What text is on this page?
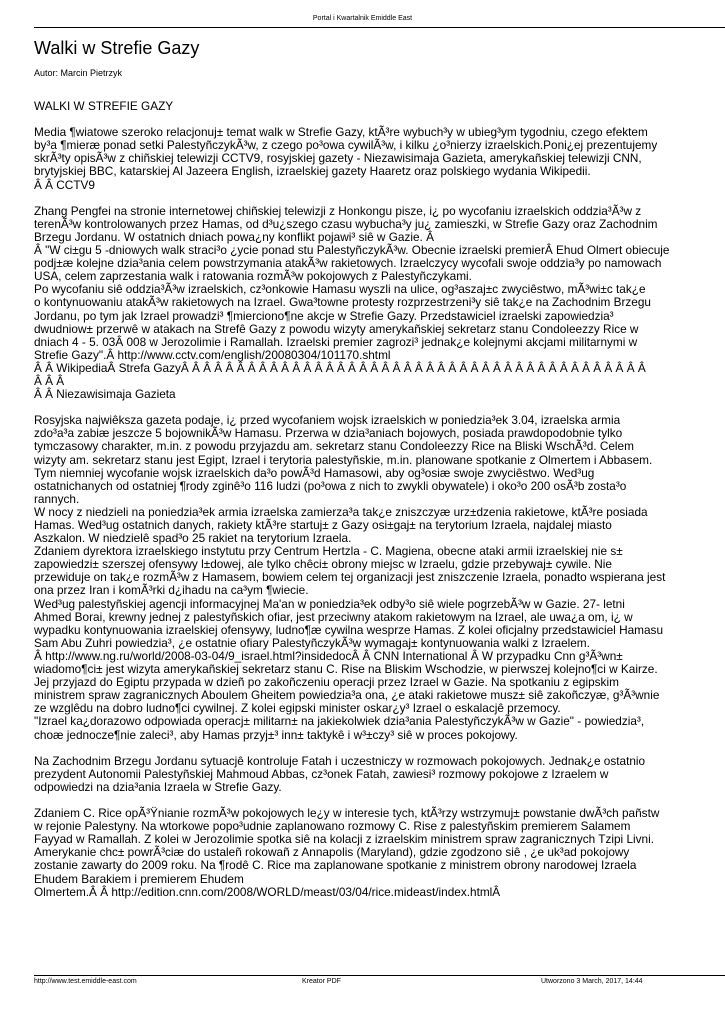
Portal i Kwartalnik Emiddle East
Walki w Strefie Gazy
Autor: Marcin Pietrzyk
WALKI W STREFIE GAZY
Media ¶wiatowe szeroko relacjonuj± temat walk w Strefie Gazy, ktÃ³re wybuch³y w ubieg³ym tygodniu, czego efektem
by³a ¶mieræ ponad setki PalestyñczykÃ³w, z czego po³owa cywilÃ³w, i kilku ¿o³nierzy izraelskich.Poni¿ej prezentujemy
skrÃ³ty opisÃ³w z chiñskiej telewizji CCTV9, rosyjskiej gazety - Niezawisimaja Gazieta, amerykañskiej telewizji CNN,
brytyjskiej BBC, katarskiej Al Jazeera English, izraelskiej gazety Haaretz oraz polskiego wydania Wikipedii.
Â Â CCTV9
Zhang Pengfei na stronie internetowej chiñskiej telewizji z Honkongu pisze, i¿ po wycofaniu izraelskich oddzia³Ã³w z
terenÃ³w kontrolowanych przez Hamas, od d³u¿szego czasu wybucha³y ju¿ zamieszki, w Strefie Gazy oraz Zachodnim
Brzegu Jordanu. W ostatnich dniach powa¿ny konflikt pojawi³ siê w Gazie. Â
Â "W ci±gu 5 -dniowych walk straci³o ¿ycie ponad stu PalestyñczykÃ³w. Obecnie izraelski premierÂ Ehud Olmert obiecuje
podj±æ kolejne dzia³ania celem powstrzymania atakÃ³w rakietowych. Izraelczycy wycofali swoje oddzia³y po namowach
USA, celem zaprzestania walk i ratowania rozmÃ³w pokojowych z Palestyñczykami.
Po wycofaniu siê oddzia³Ã³w izraelskich, cz³onkowie Hamasu wyszli na ulice, og³aszaj±c zwyciêstwo, mÃ³wi±c tak¿e
o kontynuowaniu atakÃ³w rakietowych na Izrael. Gwa³towne protesty rozprzestrzeni³y siê tak¿e na Zachodnim Brzegu
Jordanu, po tym jak Izrael prowadzi³ ¶mierciono¶ne akcje w Strefie Gazy. Przedstawiciel izraelski zapowiedzia³
dwudniow± przerwê w atakach na Strefê Gazy z powodu wizyty amerykañskiej sekretarz stanu Condoleezzy Rice w
dniach 4 - 5. 03Â 008 w Jerozolimie i Ramallah. Izraelski premier zagrozi³ jednak¿e kolejnymi akcjami militarnymi w
Strefie Gazy".Â http://www.cctv.com/english/20080304/101170.shtml
Â Â WikipediaÂ Strefa GazyÂ Â Â Â Â Â Â Â Â Â Â Â Â Â Â Â Â Â Â Â Â Â Â Â Â Â Â Â Â Â Â Â Â Â Â Â Â Â Â Â Â Â
Â Â Â
Â Â Niezawisimaja Gazieta
Rosyjska najwiêksza gazeta podaje, i¿ przed wycofaniem wojsk izraelskich w poniedzia³ek 3.04, izraelska armia
zdo³a³a zabiæ jeszcze 5 bojownikÃ³w Hamasu. Przerwa w dzia³aniach bojowych, posiada prawdopodobnie tylko
tymczasowy charakter, m.in. z powodu przyjazdu am. sekretarz stanu Condoleezzy Rice na Bliski WschÃ³d. Celem
wizyty am. sekretarz stanu jest Egipt, Izrael i terytoria palestyñskie, m.in. planowane spotkanie z Olmertem i Abbasem.
Tym niemniej wycofanie wojsk izraelskich da³o powÃ³d Hamasowi, aby og³osiæ swoje zwyciêstwo. Wed³ug
ostatnichanych od ostatniej ¶rody zginê³o 116 ludzi (po³owa z nich to zwykli obywatele) i oko³o 200 osÃ³b zosta³o
rannych.
W nocy z niedzieli na poniedzia³ek armia izraelska zamierza³a tak¿e zniszczyæ urz±dzenia rakietowe, ktÃ³re posiada
Hamas. Wed³ug ostatnich danych, rakiety ktÃ³re startuj± z Gazy osi±gaj± na terytorium Izraela, najdalej miasto
Aszkalon. W niedzielê spad³o 25 rakiet na terytorium Izraela.
Zdaniem dyrektora izraelskiego instytutu przy Centrum Hertzla - C. Magiena, obecne ataki armii izraelskiej nie s±
zapowiedzi± szerszej ofensywy l±dowej, ale tylko chêci± obrony miejsc w Izraelu, gdzie przebywaj± cywile. Nie
przewiduje on tak¿e rozmÃ³w z Hamasem, bowiem celem tej organizacji jest zniszczenie Izraela, ponadto wspierana jest
ona przez Iran i komÃ³rki d¿ihadu na ca³ym ¶wiecie.
Wed³ug palestyñskiej agencji informacyjnej Ma'an w poniedzia³ek odby³o siê wiele pogrzebÃ³w w Gazie. 27- letni
Ahmed Borai, krewny jednej z palestyñskich ofiar, jest przeciwny atakom rakietowym na Izrael, ale uwa¿a om, i¿ w
wypadku kontynuowania izraelskiej ofensywy, ludno¶æ cywilna wesprze Hamas. Z kolei oficjalny przedstawiciel Hamasu
Sam Abu Zuhri powiedzia³, ¿e ostatnie ofiary PalestyñczykÃ³w wymagaj± kontynuowania walki z Izraelem.
Â http://www.ng.ru/world/2008-03-04/9_israel.html?insidedocÂ Â CNN International Â W przypadku Cnn g³Ã³wn±
wiadomo¶ci± jest wizyta amerykañskiej sekretarz stanu C. Rise na Bliskim Wschodzie, w pierwszej kolejno¶ci w Kairze.
Jej przyjazd do Egiptu przypada w dzieñ po zakoñczeniu operacji przez Izrael w Gazie. Na spotkaniu z egipskim
ministrem spraw zagranicznych Aboulem Gheitem powiedzia³a ona, ¿e ataki rakietowe musz± siê zakoñczyæ, g³Ã³wnie
ze wzglêdu na dobro ludno¶ci cywilnej. Z kolei egipski minister oskar¿y³ Izrael o eskalacjê przemocy.
"Izrael ka¿dorazowo odpowiada operacj± militarn± na jakiekolwiek dzia³ania PalestyñczykÃ³w w Gazie" - powiedzia³,
choæ jednocze¶nie zaleci³, aby Hamas przyj±³ inn± taktykê i w³±czy³ siê w proces pokojowy.
Na Zachodnim Brzegu Jordanu sytuacjê kontroluje Fatah i uczestniczy w rozmowach pokojowych. Jednak¿e ostatnio
prezydent Autonomii Palestyñskiej Mahmoud Abbas, cz³onek Fatah, zawiesi³ rozmowy pokojowe z Izraelem w
odpowiedzi na dzia³ania Izraela w Strefie Gazy.
Zdaniem C. Rice opÃ³Ÿnianie rozmÃ³w pokojowych le¿y w interesie tych, ktÃ³rzy wstrzymuj± powstanie dwÃ³ch pañstw
w rejonie Palestyny. Na wtorkowe popo³udnie zaplanowano rozmowy C. Rise z palestyñskim premierem Salamem
Fayyad w Ramallah. Z kolei w Jerozolimie spotka siê na kolacji z izraelskim ministrem spraw zagranicznych Tzipi Livni.
Amerykanie chc± powrÃ³ciæ do ustaleñ rokowañ z Annapolis (Maryland), gdzie zgodzono siê , ¿e uk³ad pokojowy
zostanie zawarty do 2009 roku. Na ¶rodê C. Rice ma zaplanowane spotkanie z ministrem obrony narodowej Izraela
Ehudem Barakiem i premierem Ehudem
Olmertem.Â Â http://edition.cnn.com/2008/WORLD/meast/03/04/rice.mideast/index.htmlÂ
http://www.test.emiddle-east.com	Kreator PDF	Utworzono 3 March, 2017, 14:44
